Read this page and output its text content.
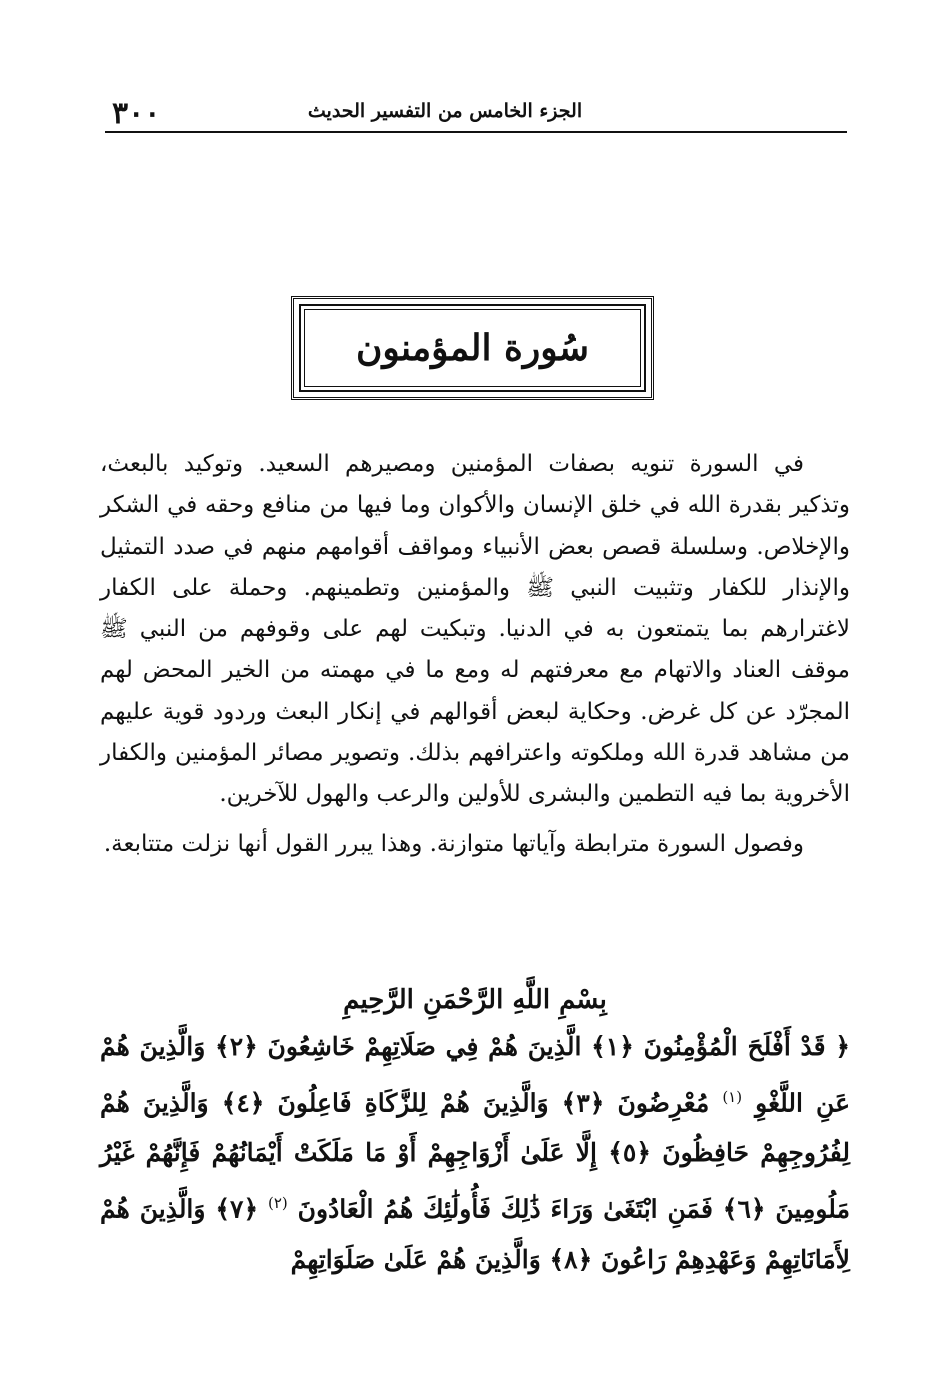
٣٠٠	الجزء الخامس من التفسير الحديث
سُورة المؤمنون

في السورة تنويه بصفات المؤمنين ومصيرهم السعيد. وتوكيد بالبعث، وتذكير بقدرة الله في خلق الإنسان والأكوان وما فيها من منافع وحقه في الشكر والإخلاص. وسلسلة قصص بعض الأنبياء ومواقف أقوامهم منهم في صدد التمثيل والإنذار للكفار وتثبيت النبي ﷺ والمؤمنين وتطمينهم. وحملة على الكفار لاغترارهم بما يتمتعون به في الدنيا. وتبكيت لهم على وقوفهم من النبي ﷺ موقف العناد والاتهام مع معرفتهم له ومع ما في مهمته من الخير المحض لهم المجرّد عن كل غرض. وحكاية لبعض أقوالهم في إنكار البعث وردود قوية عليهم من مشاهد قدرة الله وملكوته واعترافهم بذلك. وتصوير مصائر المؤمنين والكفار الأخروية بما فيه التطمين والبشرى للأولين والرعب والهول للآخرين.

وفصول السورة مترابطة وآياتها متوازنة. وهذا يبرر القول أنها نزلت متتابعة.

بِسْمِ اللَّهِ الرَّحْمَنِ الرَّحِيمِ

﴿ قَدْ أَفْلَحَ الْمُؤْمِنُونَ ﴿١﴾ الَّذِينَ هُمْ فِي صَلَاتِهِمْ خَاشِعُونَ ﴿٢﴾ وَالَّذِينَ هُمْ عَنِ اللَّغْوِ $^{(١)}$ مُعْرِضُونَ ﴿٣﴾ وَالَّذِينَ هُمْ لِلزَّكَاةِ فَاعِلُونَ ﴿٤﴾ وَالَّذِينَ هُمْ لِفُرُوجِهِمْ حَافِظُونَ ﴿٥﴾ إِلَّا عَلَىٰ أَزْوَاجِهِمْ أَوْ مَا مَلَكَتْ أَيْمَانُهُمْ فَإِنَّهُمْ غَيْرُ مَلُومِينَ ﴿٦﴾ فَمَنِ ابْتَغَىٰ وَرَاءَ ذَٰلِكَ فَأُولَٰئِكَ هُمُ الْعَادُونَ $^{(٢)}$ ﴿٧﴾ وَالَّذِينَ هُمْ لِأَمَانَاتِهِمْ وَعَهْدِهِمْ رَاعُونَ ﴿٨﴾ وَالَّذِينَ هُمْ عَلَىٰ صَلَوَاتِهِمْ
